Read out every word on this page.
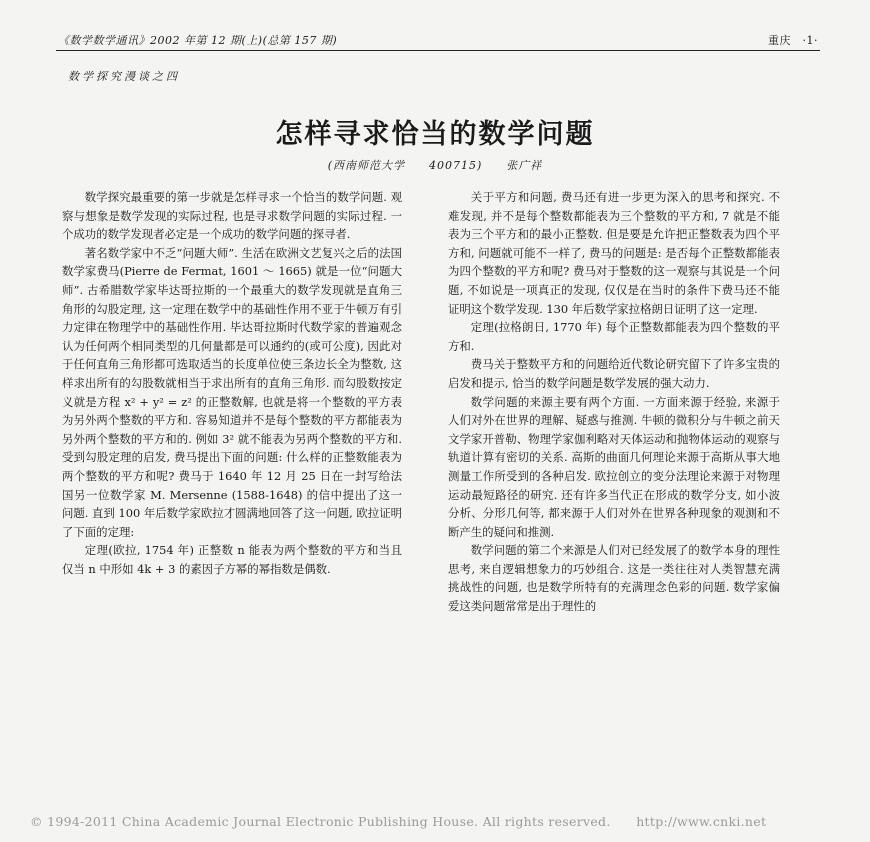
《数学数学通讯》2002 年第 12 期(上)(总第 157 期)	重庆　·1·
数学探究漫谈之四
怎样寻求恰当的数学问题
(西南师范大学　　400715)　　张广祥

数学探究最重要的第一步就是怎样寻求一个恰当的数学问题. 观察与想象是数学发现的实际过程, 也是寻求数学问题的实际过程. 一个成功的数学发现者必定是一个成功的数学问题的探寻者.

著名数学家中不乏“问题大师”. 生活在欧洲文艺复兴之后的法国数学家费马(Pierre de Fermat, 1601 ～ 1665) 就是一位“问题大师”. 古希腊数学家毕达哥拉斯的一个最重大的数学发现就是直角三角形的勾股定理, 这一定理在数学中的基础性作用不亚于牛顿万有引力定律在物理学中的基础性作用. 毕达哥拉斯时代数学家的普遍观念认为任何两个相同类型的几何量都是可以通约的(或可公度), 因此对于任何直角三角形都可选取适当的长度单位使三条边长全为整数, 这样求出所有的勾股数就相当于求出所有的直角三角形. 而勾股数按定义就是方程 x² + y² = z² 的正整数解, 也就是将一个整数的平方表为另外两个整数的平方和. 容易知道并不是每个整数的平方都能表为另外两个整数的平方和的. 例如 3² 就不能表为另两个整数的平方和. 受到勾股定理的启发, 费马提出下面的问题: 什么样的正整数能表为两个整数的平方和呢? 费马于 1640 年 12 月 25 日在一封写给法国另一位数学家 M. Mersenne (1588-1648) 的信中提出了这一问题. 直到 100 年后数学家欧拉才圆满地回答了这一问题, 欧拉证明了下面的定理:

定理(欧拉, 1754 年) 正整数 n 能表为两个整数的平方和当且仅当 n 中形如 4k + 3 的素因子方幂的幂指数是偶数.

关于平方和问题, 费马还有进一步更为深入的思考和探究. 不难发现, 并不是每个整数都能表为三个整数的平方和, 7 就是不能表为三个平方和的最小正整数. 但是要是允许把正整数表为四个平方和, 问题就可能不一样了, 费马的问题是: 是否每个正整数都能表为四个整数的平方和呢? 费马对于整数的这一观察与其说是一个问题, 不如说是一项真正的发现, 仅仅是在当时的条件下费马还不能证明这个数学发现. 130 年后数学家拉格朗日证明了这一定理.

定理(拉格朗日, 1770 年) 每个正整数都能表为四个整数的平方和.

费马关于整数平方和的问题给近代数论研究留下了许多宝贵的启发和提示, 恰当的数学问题是数学发展的强大动力.

数学问题的来源主要有两个方面. 一方面来源于经验, 来源于人们对外在世界的理解、疑惑与推测. 牛顿的微积分与牛顿之前天文学家开普勒、物理学家伽利略对天体运动和抛物体运动的观察与轨道计算有密切的关系. 高斯的曲面几何理论来源于高斯从事大地测量工作所受到的各种启发. 欧拉创立的变分法理论来源于对物理运动最短路径的研究. 还有许多当代正在形成的数学分支, 如小波分析、分形几何等, 都来源于人们对外在世界各种现象的观测和不断产生的疑问和推测.

数学问题的第二个来源是人们对已经发展了的数学本身的理性思考, 来自逻辑想象力的巧妙组合. 这是一类往往对人类智慧充满挑战性的问题, 也是数学所特有的充满理念色彩的问题. 数学家偏爱这类问题常常是出于理性的

© 1994-2011 China Academic Journal Electronic Publishing House. All rights reserved.　　http://www.cnki.net
